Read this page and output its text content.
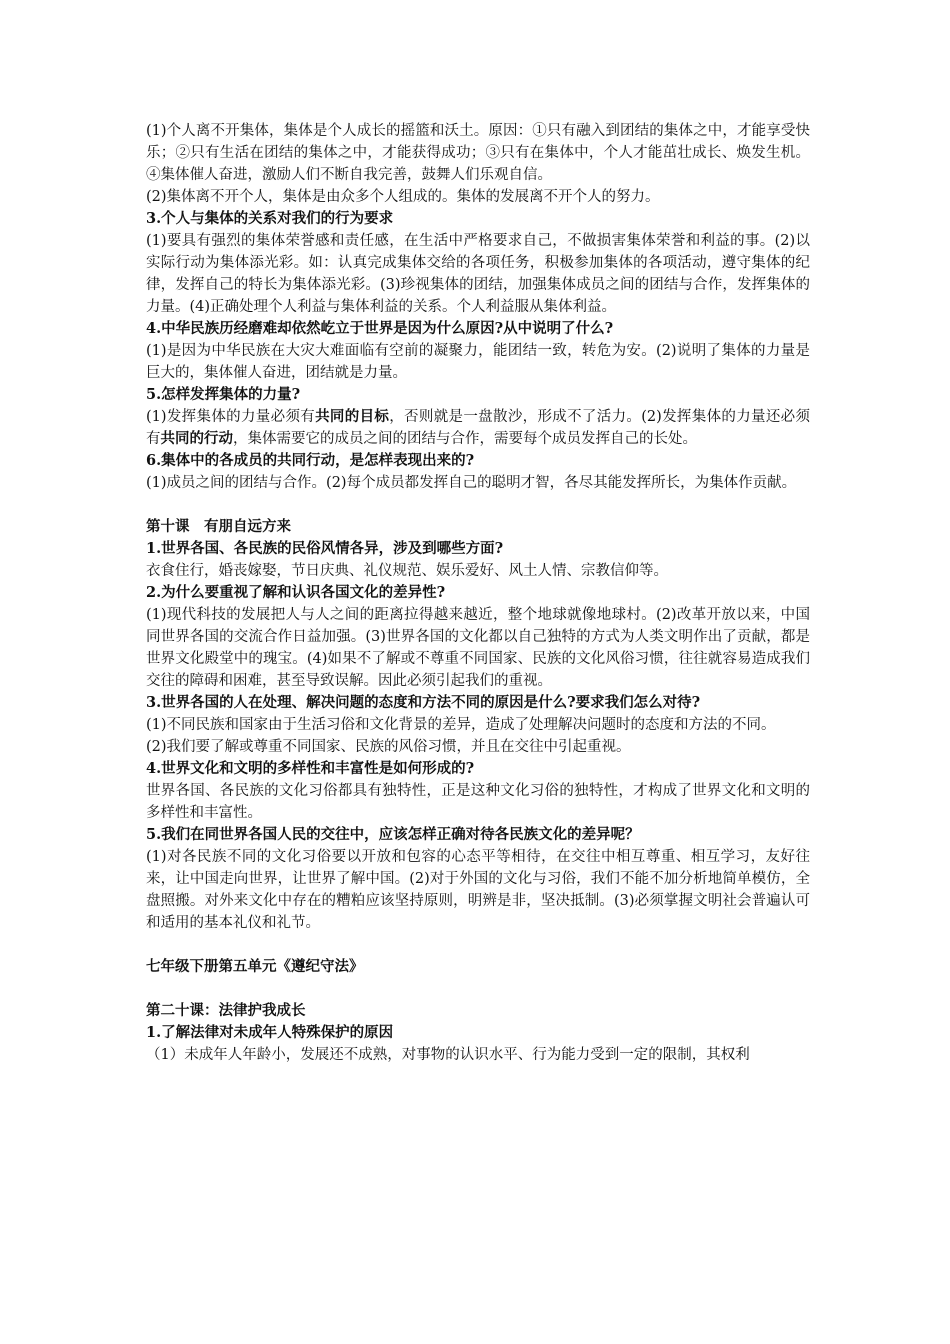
(1)个人离不开集体，集体是个人成长的摇篮和沃土。原因：①只有融入到团结的集体之中，才能享受快乐；②只有生活在团结的集体之中，才能获得成功；③只有在集体中，个人才能茁壮成长、焕发生机。④集体催人奋进，激励人们不断自我完善，鼓舞人们乐观自信。

(2)集体离不开个人，集体是由众多个人组成的。集体的发展离不开个人的努力。

3.个人与集体的关系对我们的行为要求

(1)要具有强烈的集体荣誉感和责任感，在生活中严格要求自己，不做损害集体荣誉和利益的事。(2)以实际行动为集体添光彩。如：认真完成集体交给的各项任务，积极参加集体的各项活动，遵守集体的纪律，发挥自己的特长为集体添光彩。(3)珍视集体的团结，加强集体成员之间的团结与合作，发挥集体的力量。(4)正确处理个人利益与集体利益的关系。个人利益服从集体利益。

4.中华民族历经磨难却依然屹立于世界是因为什么原因?从中说明了什么?

(1)是因为中华民族在大灾大难面临有空前的凝聚力，能团结一致，转危为安。(2)说明了集体的力量是巨大的，集体催人奋进，团结就是力量。

5.怎样发挥集体的力量?

(1)发挥集体的力量必须有共同的目标，否则就是一盘散沙，形成不了活力。(2)发挥集体的力量还必须有共同的行动，集体需要它的成员之间的团结与合作，需要每个成员发挥自己的长处。

6.集体中的各成员的共同行动，是怎样表现出来的?

(1)成员之间的团结与合作。(2)每个成员都发挥自己的聪明才智，各尽其能发挥所长，为集体作贡献。

第十课　有朋自远方来

1.世界各国、各民族的民俗风情各异，涉及到哪些方面?

衣食住行，婚丧嫁娶，节日庆典、礼仪规范、娱乐爱好、风土人情、宗教信仰等。

2.为什么要重视了解和认识各国文化的差异性?

(1)现代科技的发展把人与人之间的距离拉得越来越近，整个地球就像地球村。(2)改革开放以来，中国同世界各国的交流合作日益加强。(3)世界各国的文化都以自己独特的方式为人类文明作出了贡献，都是世界文化殿堂中的瑰宝。(4)如果不了解或不尊重不同国家、民族的文化风俗习惯，往往就容易造成我们交往的障碍和困难，甚至导致误解。因此必须引起我们的重视。

3.世界各国的人在处理、解决问题的态度和方法不同的原因是什么?要求我们怎么对待?

(1)不同民族和国家由于生活习俗和文化背景的差异，造成了处理解决问题时的态度和方法的不同。

(2)我们要了解或尊重不同国家、民族的风俗习惯，并且在交往中引起重视。

4.世界文化和文明的多样性和丰富性是如何形成的?

世界各国、各民族的文化习俗都具有独特性，正是这种文化习俗的独特性，才构成了世界文化和文明的多样性和丰富性。

5.我们在同世界各国人民的交往中，应该怎样正确对待各民族文化的差异呢？

(1)对各民族不同的文化习俗要以开放和包容的心态平等相待，在交往中相互尊重、相互学习，友好往来，让中国走向世界，让世界了解中国。(2)对于外国的文化与习俗，我们不能不加分析地简单模仿，全盘照搬。对外来文化中存在的糟粕应该坚持原则，明辨是非，坚决抵制。(3)必须掌握文明社会普遍认可和适用的基本礼仪和礼节。

七年级下册第五单元《遵纪守法》

第二十课：法律护我成长

1.了解法律对未成年人特殊保护的原因

（1）未成年人年龄小，发展还不成熟，对事物的认识水平、行为能力受到一定的限制，其权利
